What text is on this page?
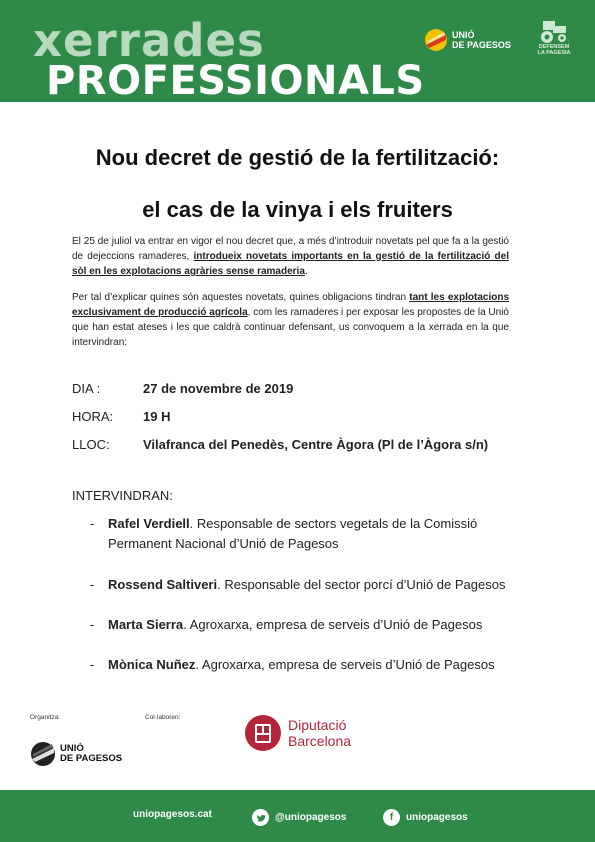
xerrades
PROFESSIONALS
UNIÓ
DE PAGESOS	DEFENSEM
LA PAGESIA
Nou decret de gestió de la fertilització:
el cas de la vinya i els fruiters
El 25 de juliol va entrar en vigor el nou decret que, a més d’introduir novetats pel que fa a la gestió de dejeccions ramaderes, introdueix novetats importants en la gestió de la fertilització del sòl en les explotacions agràries sense ramaderia.
Per tal d’explicar quines són aquestes novetats, quines obligacions tindran tant les explotacions exclusivament de producció agrícola, com les ramaderes i per exposar les propostes de la Unió que han estat ateses i les que caldrà continuar defensant, us convoquem a la xerrada en la que intervindran:
DIA :	27 de novembre de 2019
HORA: 19 H
LLOC:	Vilafranca del Penedès, Centre Àgora (Pl de l’Àgora s/n)
INTERVINDRAN:
- Rafel Verdiell. Responsable de sectors vegetals de la Comissió Permanent Nacional d’Unió de Pagesos
- Rossend Saltiveri. Responsable del sector porcí d’Unió de Pagesos
- Marta Sierra. Agroxarxa, empresa de serveis d’Unió de Pagesos
- Mònica Nuñez. Agroxarxa, empresa de serveis d’Unió de Pagesos
Organitza:	Col·laboren:
UNIÓ
DE PAGESOS
Diputació
Barcelona
uniopagesos.cat	@uniopagesos	f	uniopagesos
